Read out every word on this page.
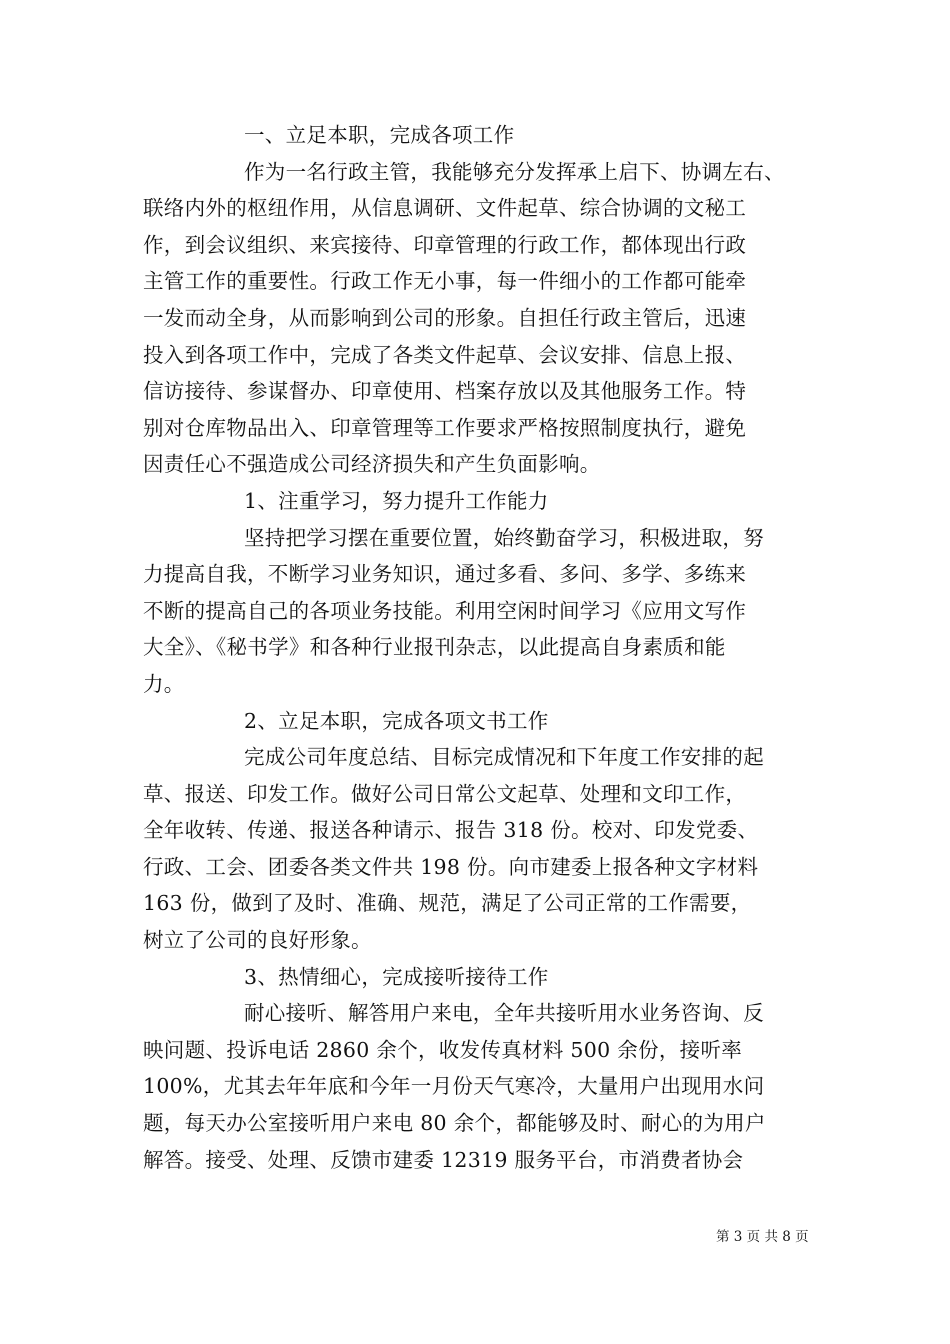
一、立足本职，完成各项工作
作为一名行政主管，我能够充分发挥承上启下、协调左右、
联络内外的枢纽作用，从信息调研、文件起草、综合协调的文秘工
作，到会议组织、来宾接待、印章管理的行政工作，都体现出行政
主管工作的重要性。行政工作无小事，每一件细小的工作都可能牵
一发而动全身，从而影响到公司的形象。自担任行政主管后，迅速
投入到各项工作中，完成了各类文件起草、会议安排、信息上报、
信访接待、参谋督办、印章使用、档案存放以及其他服务工作。特
别对仓库物品出入、印章管理等工作要求严格按照制度执行，避免
因责任心不强造成公司经济损失和产生负面影响。
1、注重学习，努力提升工作能力
坚持把学习摆在重要位置，始终勤奋学习，积极进取，努
力提高自我，不断学习业务知识，通过多看、多问、多学、多练来
不断的提高自己的各项业务技能。利用空闲时间学习《应用文写作
大全》、《秘书学》和各种行业报刊杂志，以此提高自身素质和能
力。
2、立足本职，完成各项文书工作
完成公司年度总结、目标完成情况和下年度工作安排的起
草、报送、印发工作。做好公司日常公文起草、处理和文印工作，
全年收转、传递、报送各种请示、报告 318 份。校对、印发党委、
行政、工会、团委各类文件共 198 份。向市建委上报各种文字材料
163 份，做到了及时、准确、规范，满足了公司正常的工作需要，
树立了公司的良好形象。
3、热情细心，完成接听接待工作
耐心接听、解答用户来电，全年共接听用水业务咨询、反
映问题、投诉电话 2860 余个，收发传真材料 500 余份，接听率
100%，尤其去年年底和今年一月份天气寒冷，大量用户出现用水问
题，每天办公室接听用户来电 80 余个，都能够及时、耐心的为用户
解答。接受、处理、反馈市建委 12319 服务平台，市消费者协会
第 3 页 共 8 页
